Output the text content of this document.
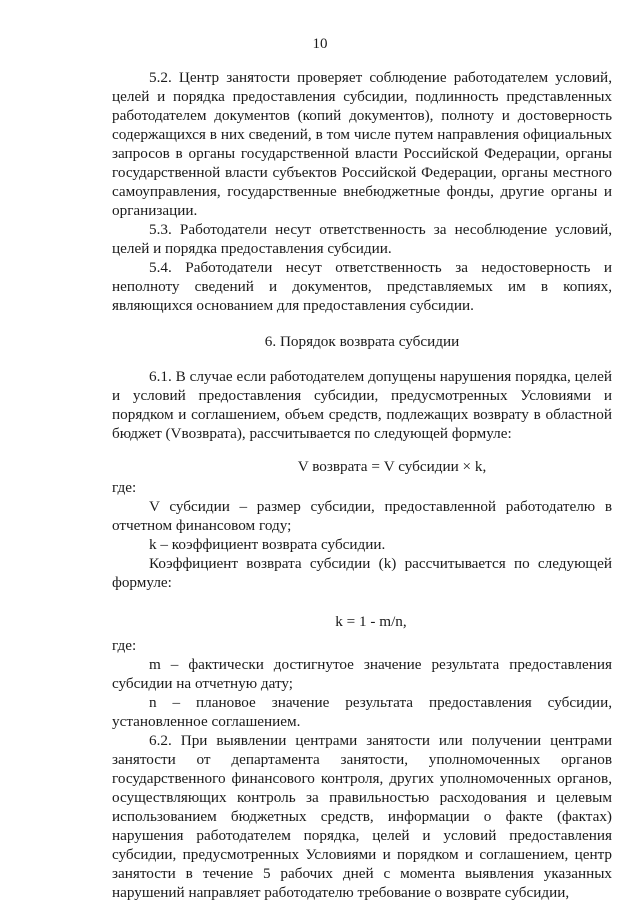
10

5.2. Центр занятости проверяет соблюдение работодателем условий, целей и порядка предоставления субсидии, подлинность представленных работодателем документов (копий документов), полноту и достоверность содержащихся в них сведений, в том числе путем направления официальных запросов в органы государственной власти Российской Федерации, органы государственной власти субъектов Российской Федерации, органы местного самоуправления, государственные внебюджетные фонды, другие органы и организации.

5.3. Работодатели несут ответственность за несоблюдение условий, целей и порядка предоставления субсидии.

5.4. Работодатели несут ответственность за недостоверность и неполноту сведений и документов, представляемых им в копиях, являющихся основанием для предоставления субсидии.

6. Порядок возврата субсидии

6.1. В случае если работодателем допущены нарушения порядка, целей и условий предоставления субсидии, предусмотренных Условиями и порядком и соглашением, объем средств, подлежащих возврату в областной бюджет (Vвозврата), рассчитывается по следующей формуле:

V возврата = V субсидии × k,

где:

V субсидии – размер субсидии, предоставленной работодателю в отчетном финансовом году;

k – коэффициент возврата субсидии.

Коэффициент возврата субсидии (k) рассчитывается по следующей формуле:

k = 1 - m/n,

где:

m – фактически достигнутое значение результата предоставления субсидии на отчетную дату;

n – плановое значение результата предоставления субсидии, установленное соглашением.

6.2. При выявлении центрами занятости или получении центрами занятости от департамента занятости, уполномоченных органов государственного финансового контроля, других уполномоченных органов, осуществляющих контроль за правильностью расходования и целевым использованием бюджетных средств, информации о факте (фактах) нарушения работодателем порядка, целей и условий предоставления субсидии, предусмотренных Условиями и порядком и соглашением, центр занятости в течение 5 рабочих дней с момента выявления указанных нарушений направляет работодателю требование о возврате субсидии,
